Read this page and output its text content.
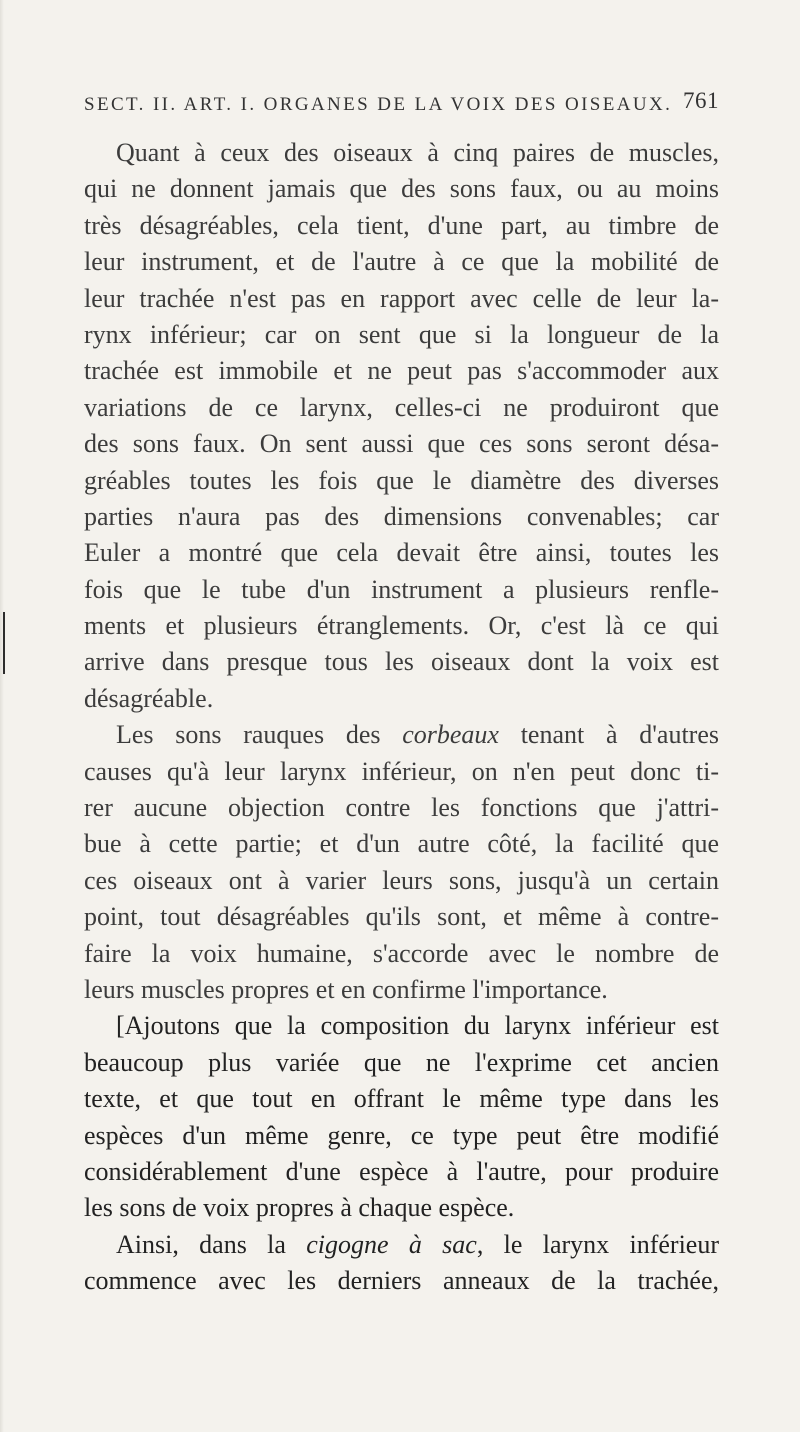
SECT. II. ART. I. ORGANES DE LA VOIX DES OISEAUX. 761
Quant à ceux des oiseaux à cinq paires de muscles,
qui ne donnent jamais que des sons faux, ou au moins
très désagréables, cela tient, d'une part, au timbre de
leur instrument, et de l'autre à ce que la mobilité de
leur trachée n'est pas en rapport avec celle de leur la-
rynx inférieur; car on sent que si la longueur de la
trachée est immobile et ne peut pas s'accommoder aux
variations de ce larynx, celles-ci ne produiront que
des sons faux. On sent aussi que ces sons seront désa-
gréables toutes les fois que le diamètre des diverses
parties n'aura pas des dimensions convenables; car
Euler a montré que cela devait être ainsi, toutes les
fois que le tube d'un instrument a plusieurs renfle-
ments et plusieurs étranglements. Or, c'est là ce qui
arrive dans presque tous les oiseaux dont la voix est
désagréable.
Les sons rauques des corbeaux tenant à d'autres
causes qu'à leur larynx inférieur, on n'en peut donc ti-
rer aucune objection contre les fonctions que j'attri-
bue à cette partie; et d'un autre côté, la facilité que
ces oiseaux ont à varier leurs sons, jusqu'à un certain
point, tout désagréables qu'ils sont, et même à contre-
faire la voix humaine, s'accorde avec le nombre de
leurs muscles propres et en confirme l'importance.
[Ajoutons que la composition du larynx inférieur est
beaucoup plus variée que ne l'exprime cet ancien
texte, et que tout en offrant le même type dans les
espèces d'un même genre, ce type peut être modifié
considérablement d'une espèce à l'autre, pour produire
les sons de voix propres à chaque espèce.
Ainsi, dans la cigogne à sac, le larynx inférieur
commence avec les derniers anneaux de la trachée,
